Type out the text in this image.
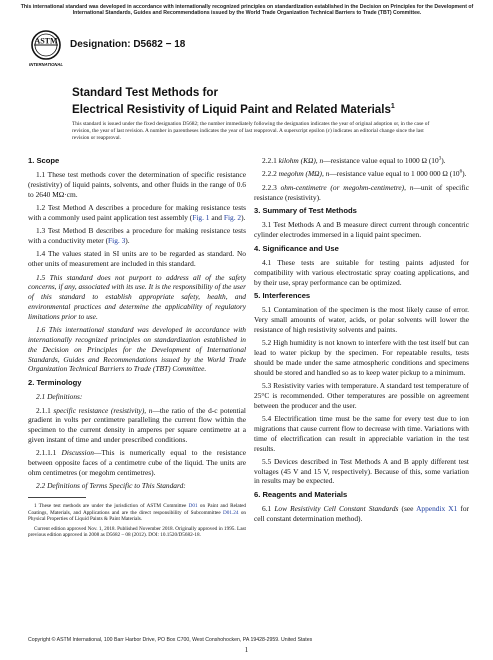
This international standard was developed in accordance with internationally recognized principles on standardization established in the Decision on Principles for the Development of International Standards, Guides and Recommendations issued by the World Trade Organization Technical Barriers to Trade (TBT) Committee.
ASTM
INTERNATIONAL
Designation: D5682 − 18
Standard Test Methods for
Electrical Resistivity of Liquid Paint and Related Materials$^1$
This standard is issued under the fixed designation D5682; the number immediately following the designation indicates the year of original adoption or, in the case of revision, the year of last revision. A number in parentheses indicates the year of last reapproval. A superscript epsilon (ε) indicates an editorial change since the last revision or reapproval.
1. Scope

1.1 These test methods cover the determination of specific resistance (resistivity) of liquid paints, solvents, and other fluids in the range of 0.6 to 2640 MΩ·cm.

1.2 Test Method A describes a procedure for making resistance tests with a commonly used paint application test assembly (Fig. 1 and Fig. 2).

1.3 Test Method B describes a procedure for making resistance tests with a conductivity meter (Fig. 3).

1.4 The values stated in SI units are to be regarded as standard. No other units of measurement are included in this standard.

1.5 This standard does not purport to address all of the safety concerns, if any, associated with its use. It is the responsibility of the user of this standard to establish appropriate safety, health, and environmental practices and determine the applicability of regulatory limitations prior to use.

1.6 This international standard was developed in accordance with internationally recognized principles on standardization established in the Decision on Principles for the Development of International Standards, Guides and Recommendations issued by the World Trade Organization Technical Barriers to Trade (TBT) Committee.

2. Terminology

2.1 Definitions:

2.1.1 specific resistance (resistivity), n—the ratio of the d-c potential gradient in volts per centimetre paralleling the current flow within the specimen to the current density in amperes per square centimetre at a given instant of time and under prescribed conditions.

2.1.1.1 Discussion—This is numerically equal to the resistance between opposite faces of a centimetre cube of the liquid. The units are ohm centimetres (or megohm centimetres).

2.2 Definitions of Terms Specific to This Standard:

1 These test methods are under the jurisdiction of ASTM Committee D01 on Paint and Related Coatings, Materials, and Applications and are the direct responsibility of Subcommittee D01.24 on Physical Properties of Liquid Paints & Paint Materials.

Current edition approved Nov. 1, 2018. Published November 2018. Originally approved in 1995. Last previous edition approved in 2008 as D5682 – 08 (2012). DOI: 10.1520/D5682-18.

2.2.1 kilohm (KΩ), n—resistance value equal to 1000 Ω $(10^3)$.

2.2.2 megohm (MΩ), n—resistance value equal to 1 000 000 Ω $(10^6)$.

2.2.3 ohm-centimetre (or megohm-centimetre), n—unit of specific resistance (resistivity).

3. Summary of Test Methods

3.1 Test Methods A and B measure direct current through concentric cylinder electrodes immersed in a liquid paint specimen.

4. Significance and Use

4.1 These tests are suitable for testing paints adjusted for compatibility with various electrostatic spray coating applications, and by their use, spray performance can be optimized.

5. Interferences

5.1 Contamination of the specimen is the most likely cause of error. Very small amounts of water, acids, or polar solvents will lower the resistance of high resistivity solvents and paints.

5.2 High humidity is not known to interfere with the test itself but can lead to water pickup by the specimen. For repeatable results, tests should be made under the same atmospheric conditions and specimens should be stored and handled so as to keep water pickup to a minimum.

5.3 Resistivity varies with temperature. A standard test temperature of 25°C is recommended. Other temperatures are possible on agreement between the producer and the user.

5.4 Electrification time must be the same for every test due to ion migrations that cause current flow to decrease with time. Variations with time of electrification can result in appreciable variation in the test results.

5.5 Devices described in Test Methods A and B apply different test voltages (45 V and 15 V, respectively). Because of this, some variation in results may be expected.

6. Reagents and Materials

6.1 Low Resistivity Cell Constant Standards (see Appendix X1 for cell constant determination method).

Copyright © ASTM International, 100 Barr Harbor Drive, PO Box C700, West Conshohocken, PA 19428-2959. United States
1
